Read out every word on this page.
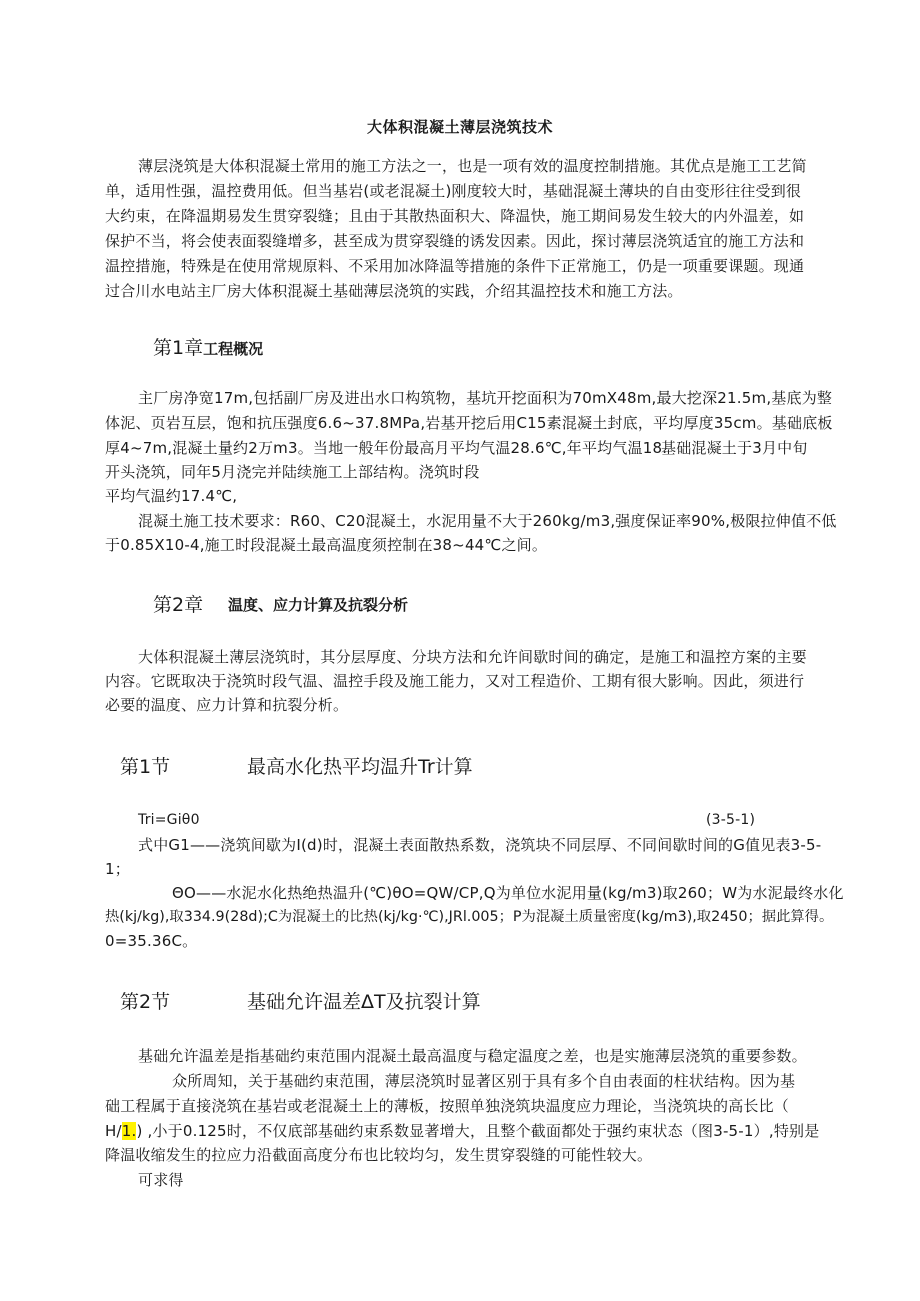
大体积混凝土薄层浇筑技术
薄层浇筑是大体积混凝土常用的施工方法之一，也是一项有效的温度控制措施。其优点是施工工艺简
单，适用性强，温控费用低。但当基岩(或老混凝土)刚度较大时，基础混凝土薄块的自由变形往往受到很
大约束，在降温期易发生贯穿裂缝；且由于其散热面积大、降温快，施工期间易发生较大的内外温差，如
保护不当，将会使表面裂缝增多，甚至成为贯穿裂缝的诱发因素。因此，探讨薄层浇筑适宜的施工方法和
温控措施，特殊是在使用常规原料、不采用加冰降温等措施的条件下正常施工，仍是一项重要课题。现通
过合川水电站主厂房大体积混凝土基础薄层浇筑的实践，介绍其温控技术和施工方法。
第1章工程概况
主厂房净宽17m,包括副厂房及进出水口构筑物，基坑开挖面积为70mX48m,最大挖深21.5m,基底为整
体泥、页岩互层，饱和抗压强度6.6~37.8MPa,岩基开挖后用C15素混凝土封底，平均厚度35cm。基础底板
厚4~7m,混凝土量约2万m3。当地一般年份最高月平均气温28.6℃,年平均气温18.
基础混凝土于3月中旬
开头浇筑，同年5月浇完并陆续施工上部结构。浇筑时段
平均气温约17.4℃,
混凝土施工技术要求：R60、C20混凝土，水泥用量不大于260kg/m3,强度保证率90%,极限拉伸值不低
于0.85X10-4,施工时段混凝土最高温度须控制在38~44℃之间。
第2章 温度、应力计算及抗裂分析
大体积混凝土薄层浇筑时，其分层厚度、分块方法和允许间歇时间的确定，是施工和温控方案的主要
内容。它既取决于浇筑时段气温、温控手段及施工能力，又对工程造价、工期有很大影响。因此，须进行
必要的温度、应力计算和抗裂分析。
第1节	最高水化热平均温升Tr计算
Tri=Giθ0	(3-5-1)
式中G1——浇筑间歇为I(d)时，混凝土表面散热系数，浇筑块不同层厚、不同间歇时间的G值见表3-5-
1；
ΘO——水泥水化热绝热温升(℃)θO=QW/CP,Q为单位水泥用量(kg/m3)取260；W为水泥最终水化
热(kj/kg),取334.9(28d);C为混凝土的比热(kj/kg·℃),JRl.005；P为混凝土质量密度(kg/m3),取2450；据此算得。
0=35.36C。
第2节	基础允许温差ΔT及抗裂计算
基础允许温差是指基础约束范围内混凝土最高温度与稳定温度之差，也是实施薄层浇筑的重要参数。
众所周知，关于基础约束范围，薄层浇筑时显著区别于具有多个自由表面的柱状结构。因为基
础工程属于直接浇筑在基岩或老混凝土上的薄板，按照单独浇筑块温度应力理论，当浇筑块的高长比（
H/1.) ,小于0.125时，不仅底部基础约束系数显著增大，且整个截面都处于强约束状态（图3-5-1）,特别是
降温收缩发生的拉应力沿截面高度分布也比较均匀，发生贯穿裂缝的可能性较大。
可求得
